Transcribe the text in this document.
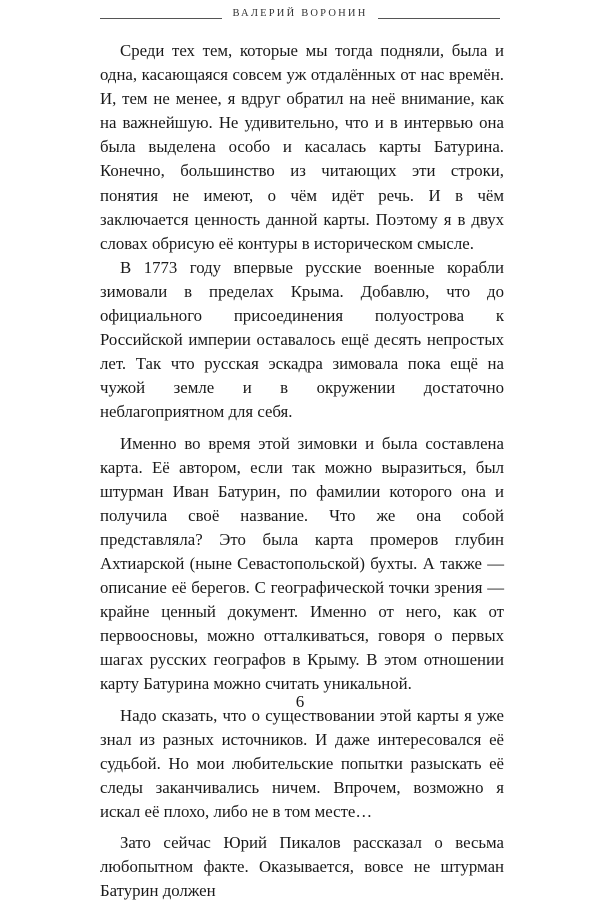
ВАЛЕРИЙ ВОРОНИН

Среди тех тем, которые мы тогда подняли, была и одна, касающаяся совсем уж отдалённых от нас времён. И, тем не менее, я вдруг обратил на неё внимание, как на важнейшую. Не удивительно, что и в интервью она была выделена особо и касалась карты Батурина. Конечно, большинство из читающих эти строки, понятия не имеют, о чём идёт речь. И в чём заключается ценность данной карты. Поэтому я в двух словах обрисую её контуры в историческом смысле.

В 1773 году впервые русские военные корабли зимовали в пределах Крыма. Добавлю, что до официального присоединения полуострова к Российской империи оставалось ещё десять непростых лет. Так что русская эскадра зимовала пока ещё на чужой земле и в окружении достаточно неблагоприятном для себя.

Именно во время этой зимовки и была составлена карта. Её автором, если так можно выразиться, был штурман Иван Батурин, по фамилии которого она и получила своё название. Что же она собой представляла? Это была карта промеров глубин Ахтиарской (ныне Севастопольской) бухты. А также — описание её берегов. С географической точки зрения — крайне ценный документ. Именно от него, как от первоосновы, можно отталкиваться, говоря о первых шагах русских географов в Крыму. В этом отношении карту Батурина можно считать уникальной.

Надо сказать, что о существовании этой карты я уже знал из разных источников. И даже интересовался её судьбой. Но мои любительские попытки разыскать её следы заканчивались ничем. Впрочем, возможно я искал её плохо, либо не в том месте…

Зато сейчас Юрий Пикалов рассказал о весьма любопытном факте. Оказывается, вовсе не штурман Батурин должен

6
